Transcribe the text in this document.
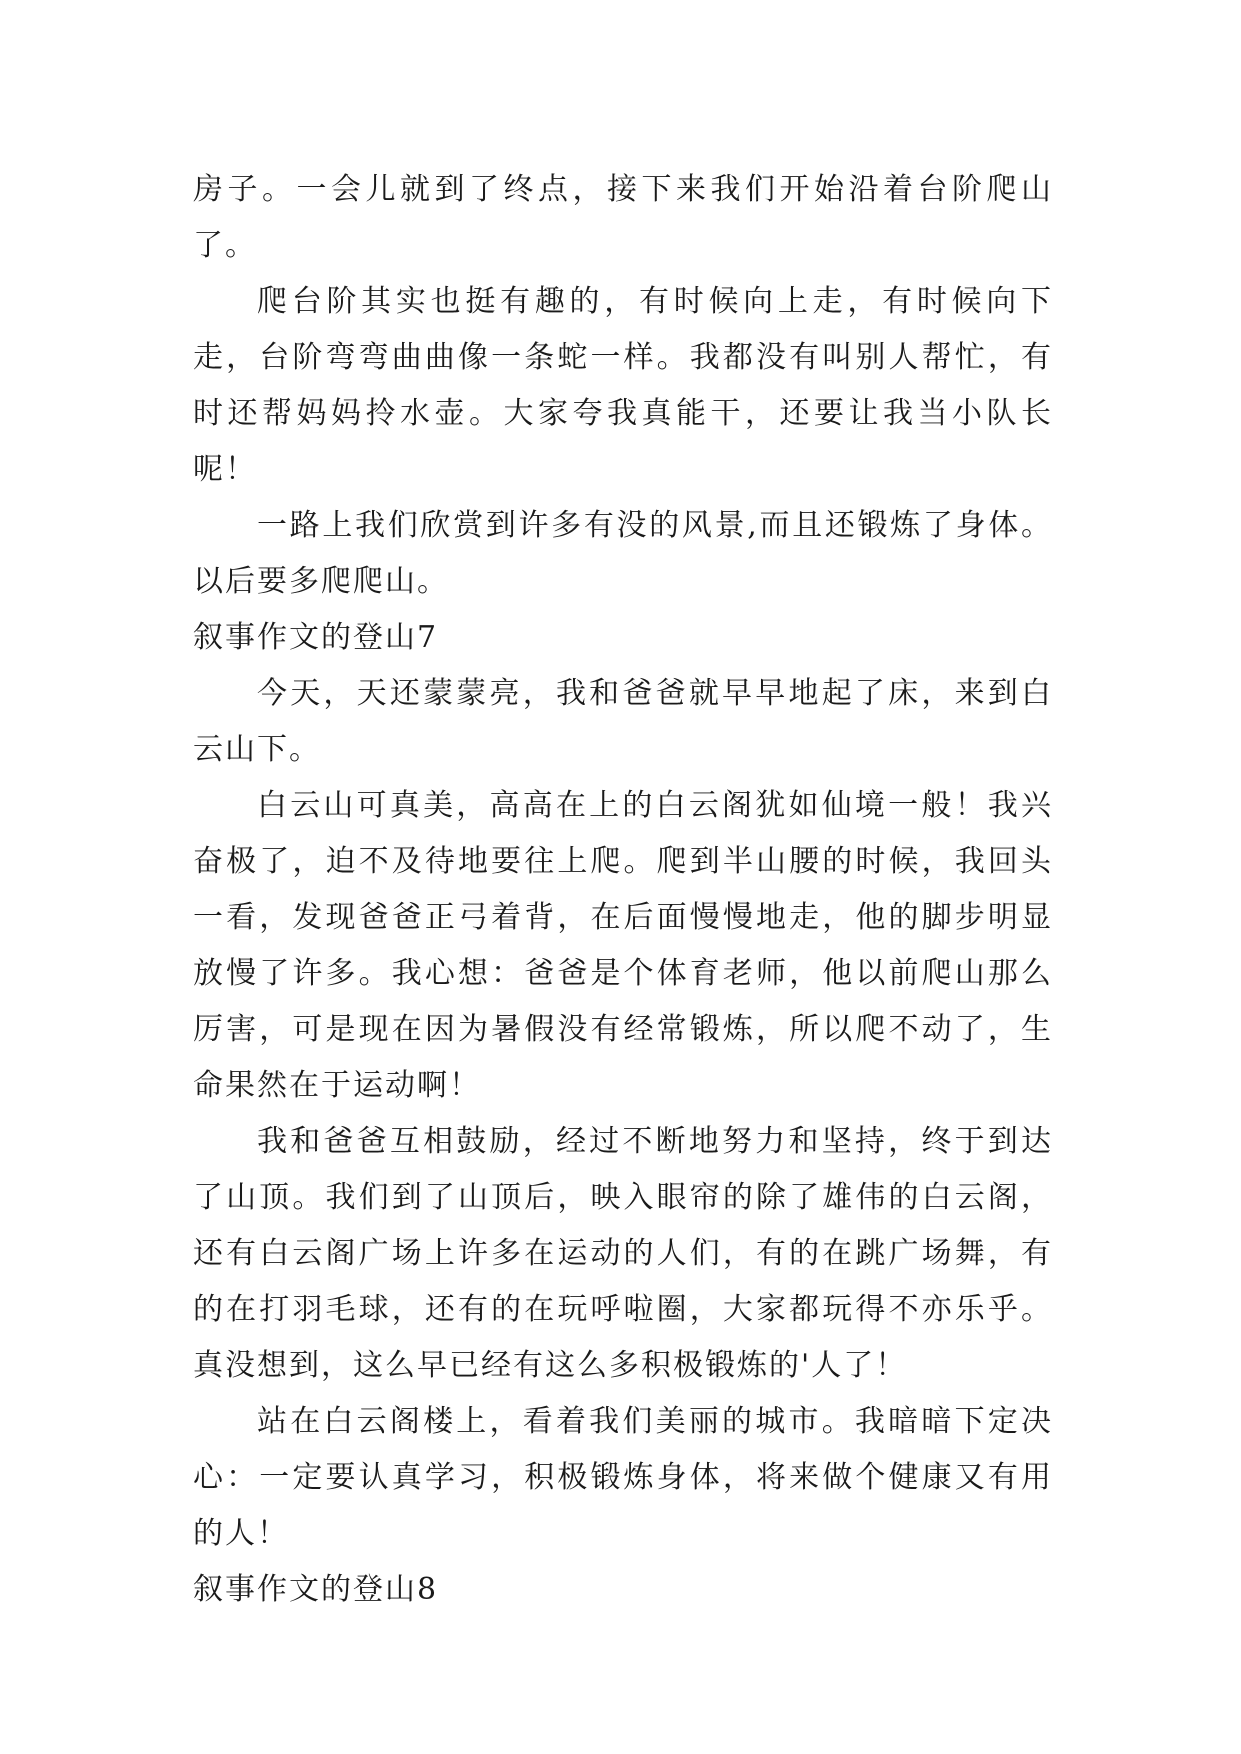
房子。一会儿就到了终点，接下来我们开始沿着台阶爬山了。

爬台阶其实也挺有趣的，有时候向上走，有时候向下走，台阶弯弯曲曲像一条蛇一样。我都没有叫别人帮忙，有时还帮妈妈拎水壶。大家夸我真能干，还要让我当小队长呢！

一路上我们欣赏到许多有没的风景,而且还锻炼了身体。以后要多爬爬山。

叙事作文的登山7

今天，天还蒙蒙亮，我和爸爸就早早地起了床，来到白云山下。

白云山可真美，高高在上的白云阁犹如仙境一般！我兴奋极了，迫不及待地要往上爬。爬到半山腰的时候，我回头一看，发现爸爸正弓着背，在后面慢慢地走，他的脚步明显放慢了许多。我心想：爸爸是个体育老师，他以前爬山那么厉害，可是现在因为暑假没有经常锻炼，所以爬不动了，生命果然在于运动啊！

我和爸爸互相鼓励，经过不断地努力和坚持，终于到达了山顶。我们到了山顶后，映入眼帘的除了雄伟的白云阁，还有白云阁广场上许多在运动的人们，有的在跳广场舞，有的在打羽毛球，还有的在玩呼啦圈，大家都玩得不亦乐乎。真没想到，这么早已经有这么多积极锻炼的'人了！

站在白云阁楼上，看着我们美丽的城市。我暗暗下定决心：一定要认真学习，积极锻炼身体，将来做个健康又有用的人！

叙事作文的登山8
